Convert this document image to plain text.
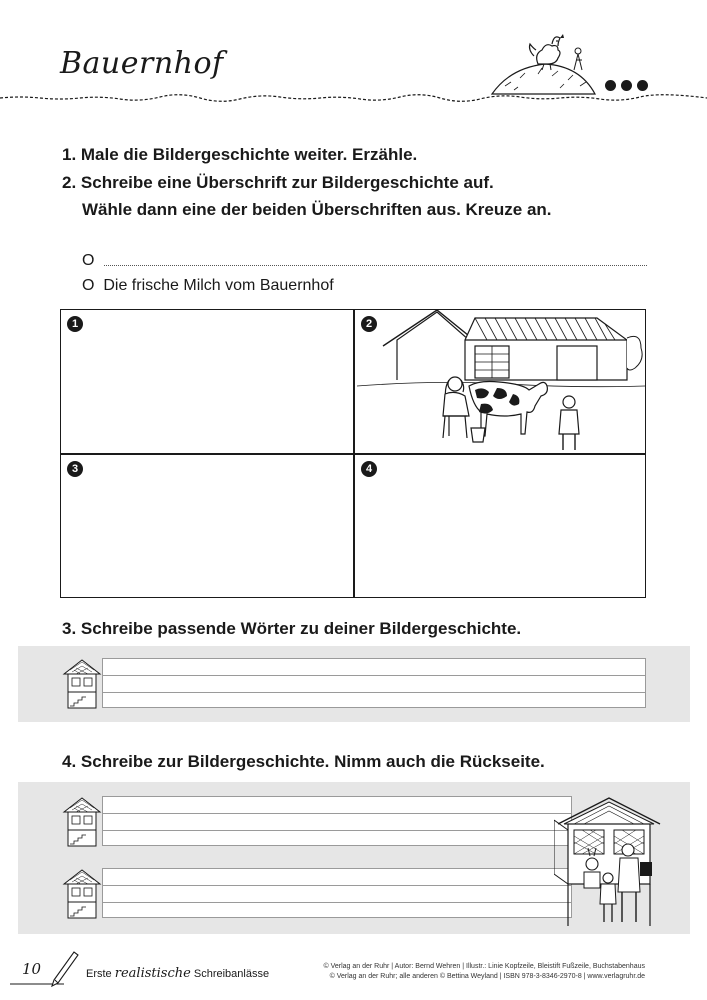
Bauernhof
1. Male die Bildergeschichte weiter. Erzähle.
2. Schreibe eine Überschrift zur Bildergeschichte auf.
Wähle dann eine der beiden Überschriften aus. Kreuze an.
O
O Die frische Milch vom Bauernhof
1	2
3	4
3. Schreibe passende Wörter zu deiner Bildergeschichte.
4. Schreibe zur Bildergeschichte. Nimm auch die Rückseite.
10	Erste realistische Schreibanlässe
© Verlag an der Ruhr | Autor: Bernd Wehren | Illustr.: Linie Kopfzeile, Bleistift Fußzeile, Buchstabenhaus
© Verlag an der Ruhr; alle anderen © Bettina Weyland | ISBN 978-3-8346-2970-8 | www.verlagruhr.de
